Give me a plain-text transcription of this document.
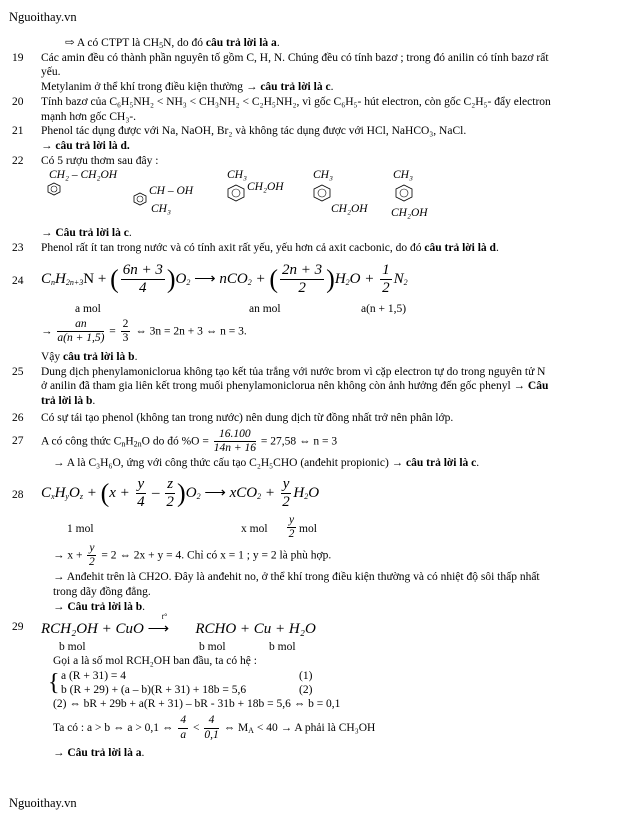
Nguoithay.vn
⇨ A có CTPT là $CH_5N$, do đó câu trả lời là a.
19 Các amin đều có thành phần nguyên tố gồm C, H, N. Chúng đều có tính bazơ ; trong đó anilin có tính bazơ rất
yếu.
Metylanim ở thể khí trong điều kiện thường → câu trả lời là c.
20 Tính bazơ của C₆H₅NH₂ < NH₃ < CH₃NH₂ < C₂H₅NH₂, vì gốc C₆H₅- hút electron, còn gốc C₂H₅- đẩy electron
mạnh hơn gốc CH₃-.
21 Phenol tác dụng được với Na, NaOH, Br₂ và không tác dụng được với HCl, NaHCO₃, NaCl.
→ câu trả lời là d.
22 Có 5 rượu thơm sau đây :
CH₂ – CH₂OH
CH – OH
CH₃
CH₃
CH₂OH
CH₃
CH₂OH
CH₃
CH₂OH
→ Câu trả lời là c.
23 Phenol rất ít tan trong nước và có tính axit rất yếu, yếu hơn cả axit cacbonic, do đó câu trả lời là d.
24 $C_nH_{2n+3}N$ + ( $\frac{6n + 3}{4} )O_2$ ⟶ nCO$_2$ + ( $\frac{2n + 3}{2} )H_2O + \frac{1}{2} N_2$
a mol	an mol	a(n + 1,5)
→ $\frac{an}{a(n + 1,5)} = \frac{2}{3}$ ⇔ 3n = 2n + 3 ⇔ n = 3.
Vậy câu trả lời là b.
25 Dung dịch phenylamoniclorua không tạo kết tủa trắng với nước brom vì cặp electron tự do trong nguyên tử N
ở anilin đã tham gia liên kết trong muối phenylamoniclorua nên không còn ảnh hưởng đến gốc phenyl → Câu
trả lời là b.
26 Có sự tái tạo phenol (không tan trong nước) nên dung dịch từ đồng nhất trở nên phân lớp.
27 A có công thức $C_nH_{2n}O$ do đó $\%O = \frac{16.100}{14n + 16} = 27,58$ ⇔ n = 3
→ A là C₃H₆O, ứng với công thức cấu tạo C₂H₅CHO (anđehit propionic) → câu trả lời là c.
28 $C_xH_yO_z + (x + \frac{y}{4} - \frac{z}{2} )O_2$ ⟶ $xCO_2 + \frac{y}{2} H_2O$
1 mol	x mol $\frac{y}{2}$ mol
→ $x + \frac{y}{2} = 2$ ⇔ 2x + y = 4. Chỉ có x = 1 ; y = 2 là phù hợp.
→ Anđehit trên là CH2O. Đây là anđehit no, ở thể khí trong điều kiện thường và có nhiệt độ sôi thấp nhất
trong dãy đồng đẳng.
→ Câu trả lời là b.
29 RCH₂OH + CuO
t°
⟶ RCHO + Cu + H₂O
b mol	b mol	b mol
Gọi a là số mol RCH₂OH ban đầu, ta có hệ :
{ a (R + 31) = 4	(1)
b (R + 29) + (a – b)(R + 31) + 18b = 5,6	(2)
(2) ⇔ bR + 29b + a(R + 31) – bR - 31b + 18b = 5,6 ⇔ b = 0,1
Ta có : a > b ⇔ a > 0,1 ⇔ $\frac{4}{a} < \frac{4}{0,1}$ ⇔ $M_A < 40 \to A$ phải là CH₃OH
→ Câu trả lời là a.
Nguoithay.vn
